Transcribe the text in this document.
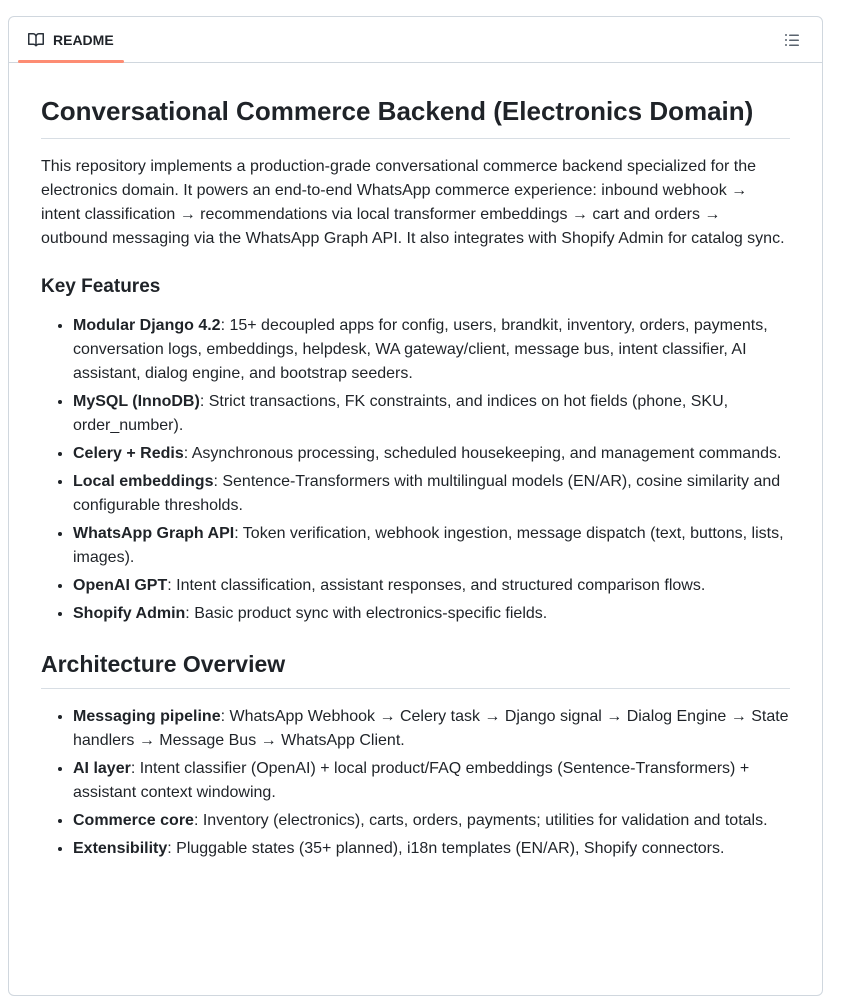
README
Conversational Commerce Backend (Electronics Domain)

This repository implements a production-grade conversational commerce backend specialized for the electronics domain. It powers an end-to-end WhatsApp commerce experience: inbound webhook → intent classification → recommendations via local transformer embeddings → cart and orders → outbound messaging via the WhatsApp Graph API. It also integrates with Shopify Admin for catalog sync.

Key Features
• Modular Django 4.2: 15+ decoupled apps for config, users, brandkit, inventory, orders, payments, conversation logs, embeddings, helpdesk, WA gateway/client, message bus, intent classifier, AI assistant, dialog engine, and bootstrap seeders.
• MySQL (InnoDB): Strict transactions, FK constraints, and indices on hot fields (phone, SKU, order_number).
• Celery + Redis: Asynchronous processing, scheduled housekeeping, and management commands.
• Local embeddings: Sentence-Transformers with multilingual models (EN/AR), cosine similarity and configurable thresholds.
• WhatsApp Graph API: Token verification, webhook ingestion, message dispatch (text, buttons, lists, images).
• OpenAI GPT: Intent classification, assistant responses, and structured comparison flows.
• Shopify Admin: Basic product sync with electronics-specific fields.
Architecture Overview
• Messaging pipeline: WhatsApp Webhook → Celery task → Django signal → Dialog Engine → State handlers → Message Bus → WhatsApp Client.
• AI layer: Intent classifier (OpenAI) + local product/FAQ embeddings (Sentence-Transformers) + assistant context windowing.
• Commerce core: Inventory (electronics), carts, orders, payments; utilities for validation and totals.
• Extensibility: Pluggable states (35+ planned), i18n templates (EN/AR), Shopify connectors.
